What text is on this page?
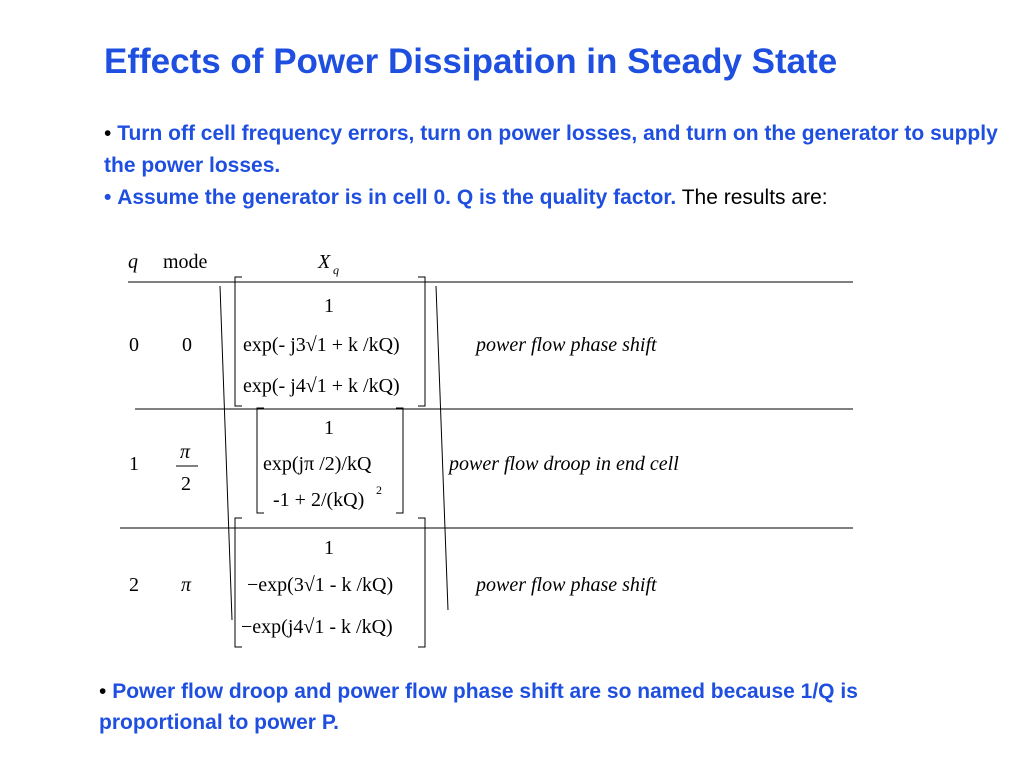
Effects of Power Dissipation in Steady State
• Turn off cell frequency errors, turn on power losses, and turn on the generator to supply the power losses.
• Assume the generator is in cell 0. Q is the quality factor. The results are:
q mode	X q
0 0
1
exp(- j3√1 + k /kQ)
exp(- j4√1 + k /kQ)
power flow phase shift
1
π
2
1
exp(jπ /2)/kQ
-1 + 2/(kQ) 2
power flow droop in end cell
2 π
1
−exp(3√1 - k /kQ)
−exp(j4√1 - k /kQ)
power flow phase shift
• Power flow droop and power flow phase shift are so named because 1/Q is proportional to power P.
